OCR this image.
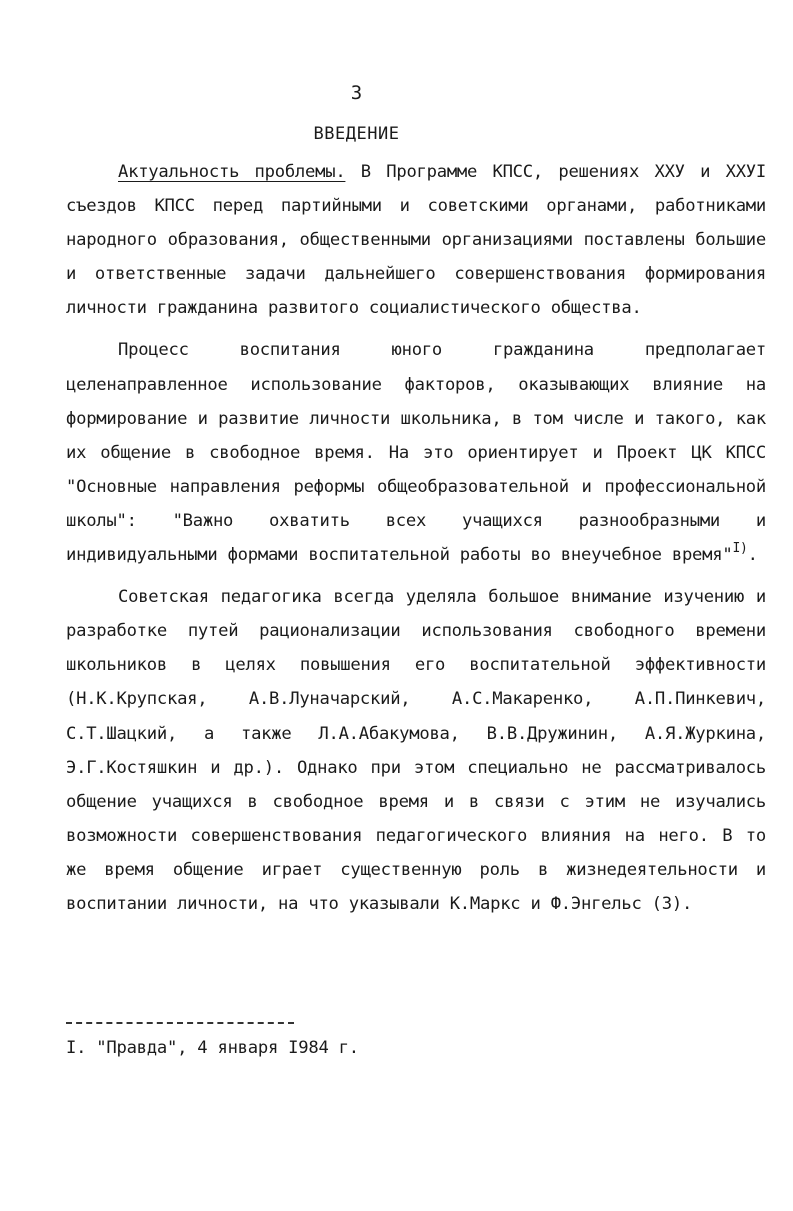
3
ВВЕДЕНИЕ

Актуальность проблемы. В Программе КПСС, решениях XXУ и XXУI съездов КПСС перед партийными и советскими органами, работниками народного образования, общественными организациями поставлены большие и ответственные задачи дальнейшего совершенствования формирования личности гражданина развитого социалистического общества.

Процесс воспитания юного гражданина предполагает целенаправленное использование факторов, оказывающих влияние на формирование и развитие личности школьника, в том числе и такого, как их общение в свободное время. На это ориентирует и Проект ЦК КПСС "Основные направления реформы общеобразовательной и профессиональной школы": "Важно охватить всех учащихся разнообразными и индивидуальными формами воспитательной работы во внеучебное время"$^{I)}$.

Советская педагогика всегда уделяла большое внимание изучению и разработке путей рационализации использования свободного времени школьников в целях повышения его воспитательной эффективности (Н.К.Крупская, А.В.Луначарский, А.С.Макаренко, А.П.Пинкевич, С.Т.Шацкий, а также Л.А.Абакумова, В.В.Дружинин, А.Я.Журкина, Э.Г.Костяшкин и др.). Однако при этом специально не рассматривалось общение учащихся в свободное время и в связи с этим не изучались возможности совершенствования педагогического влияния на него. В то же время общение играет существенную роль в жизнедеятельности и воспитании личности, на что указывали К.Маркс и Ф.Энгельс (3).

I. "Правда", 4 января I984 г.
